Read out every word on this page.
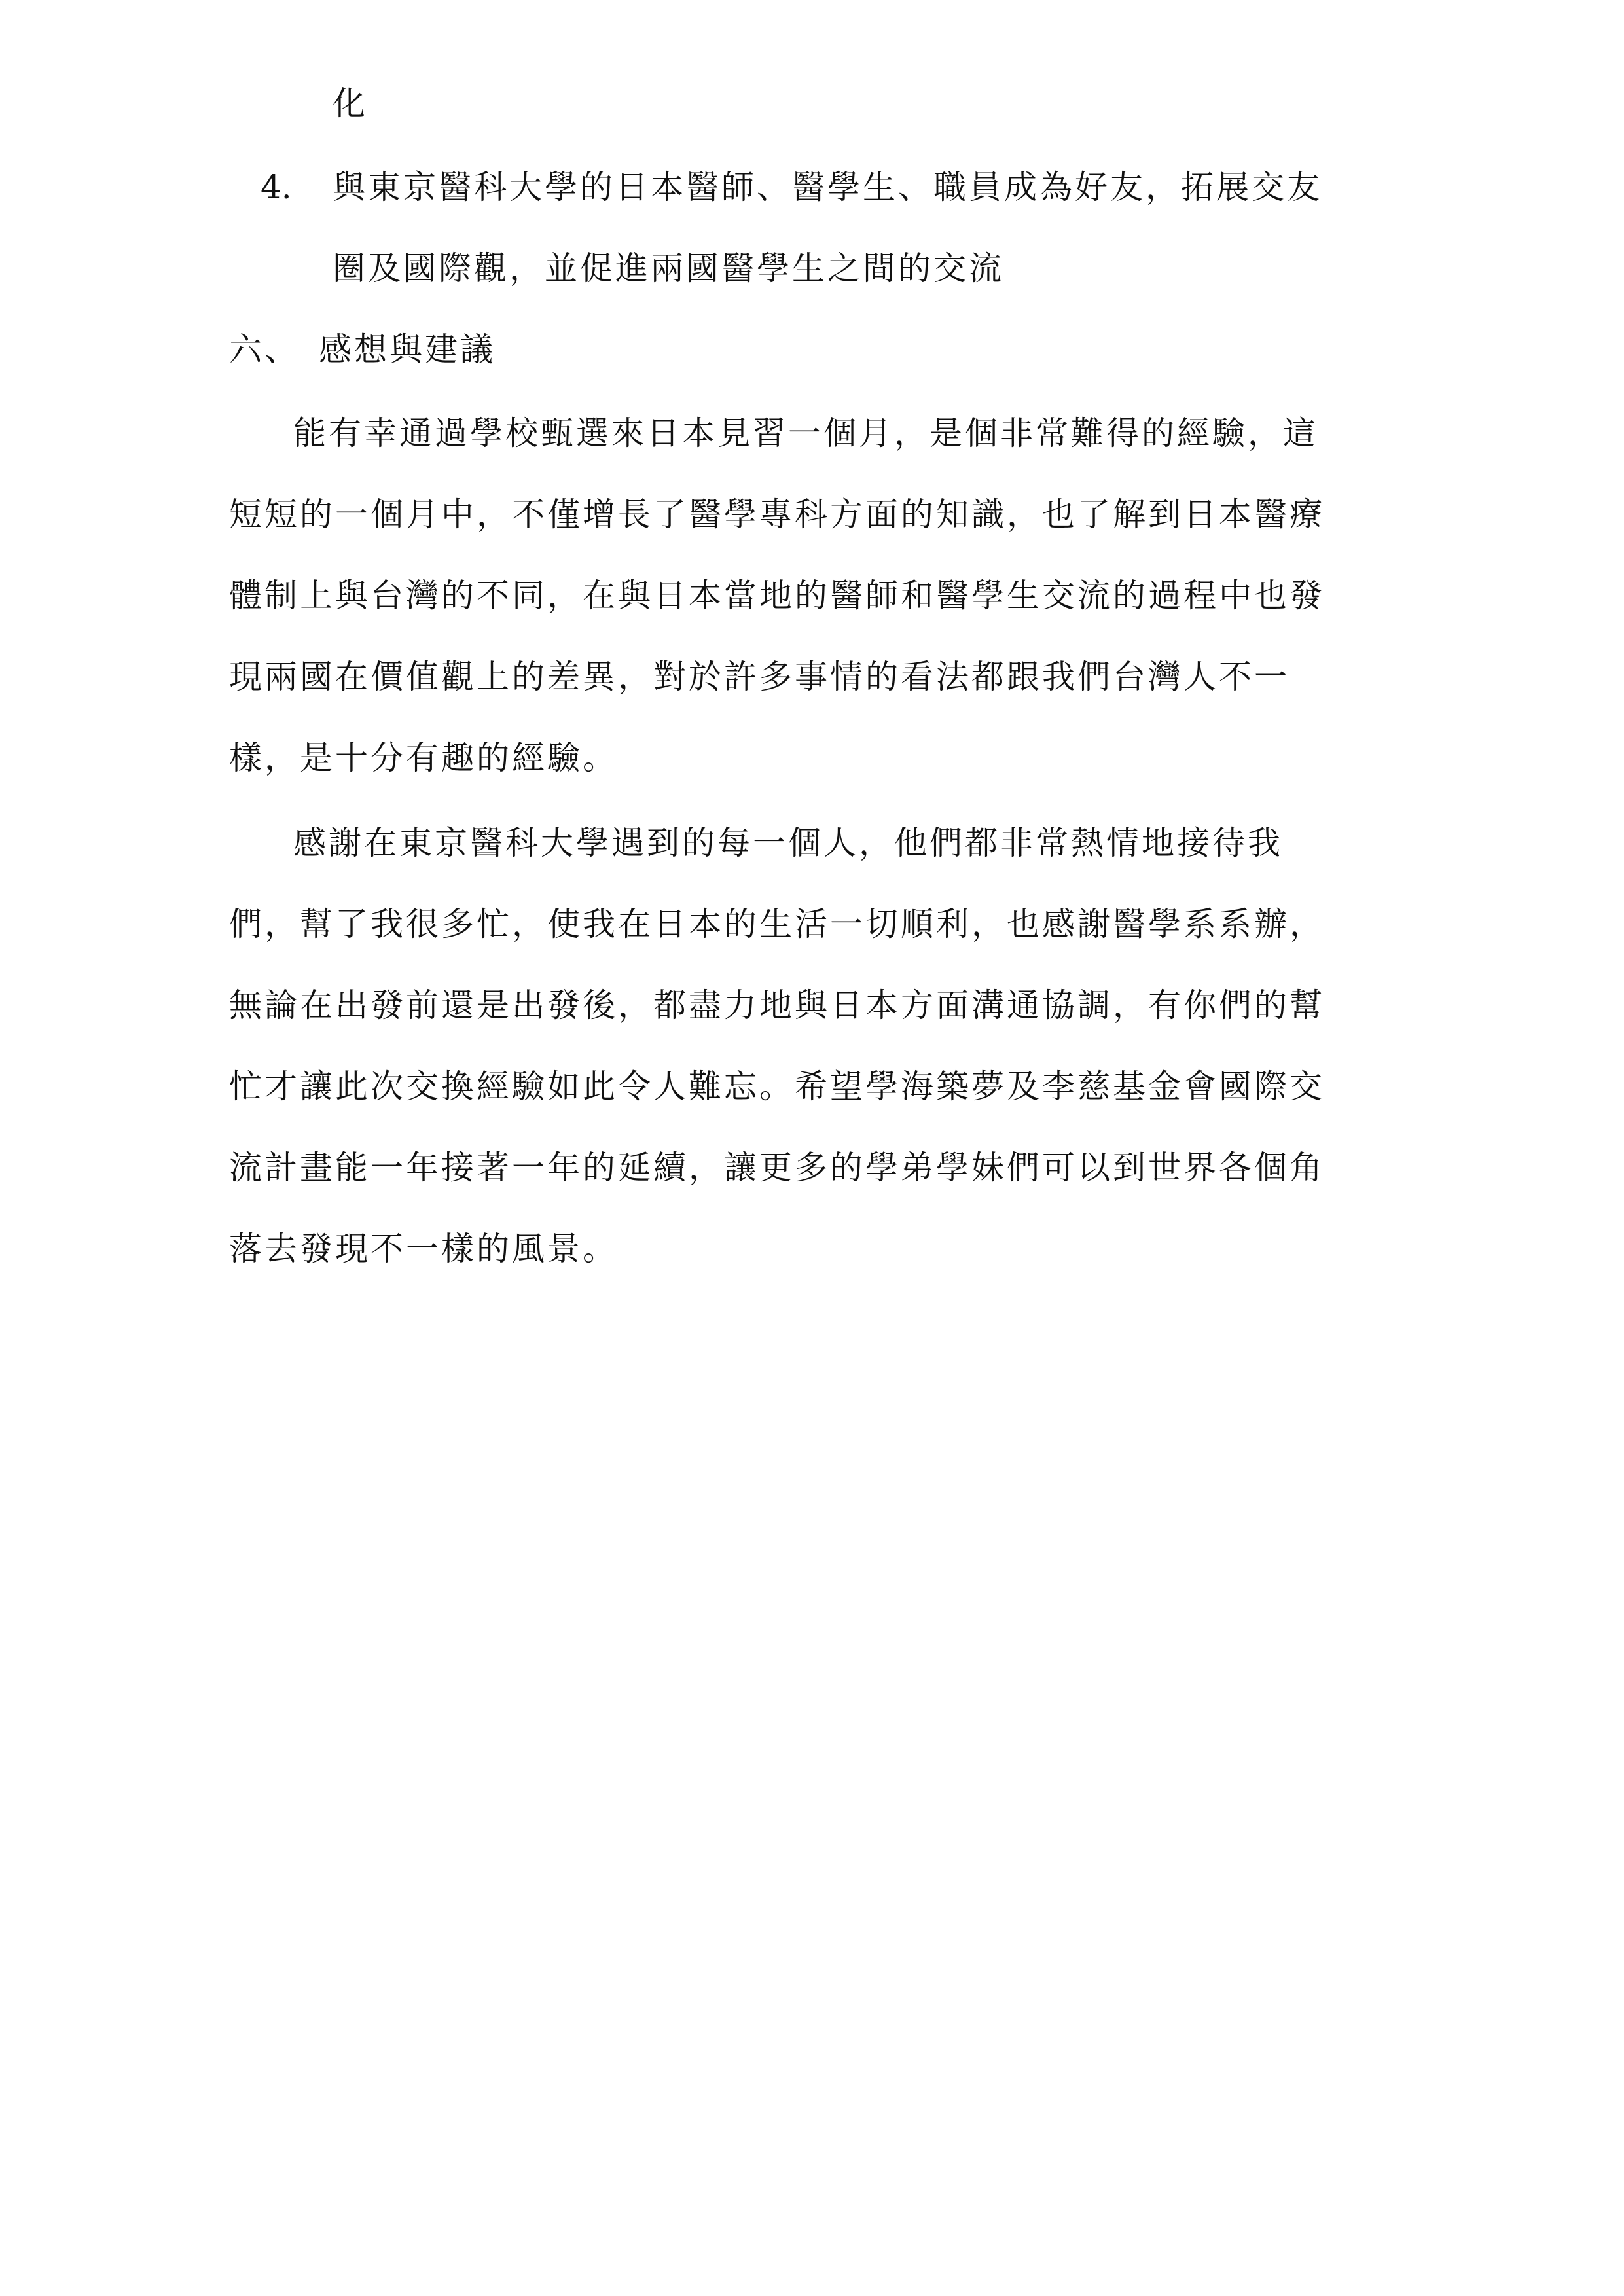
化
4. 與東京醫科大學的日本醫師、醫學生、職員成為好友，拓展交友
圈及國際觀，並促進兩國醫學生之間的交流
六、　感想與建議
能有幸通過學校甄選來日本見習一個月，是個非常難得的經驗，這
短短的一個月中，不僅增長了醫學專科方面的知識，也了解到日本醫療
體制上與台灣的不同，在與日本當地的醫師和醫學生交流的過程中也發
現兩國在價值觀上的差異，對於許多事情的看法都跟我們台灣人不一
樣，是十分有趣的經驗。
感謝在東京醫科大學遇到的每一個人，他們都非常熱情地接待我
們，幫了我很多忙，使我在日本的生活一切順利，也感謝醫學系系辦，
無論在出發前還是出發後，都盡力地與日本方面溝通協調，有你們的幫
忙才讓此次交換經驗如此令人難忘。希望學海築夢及李慈基金會國際交
流計畫能一年接著一年的延續，讓更多的學弟學妹們可以到世界各個角
落去發現不一樣的風景。
